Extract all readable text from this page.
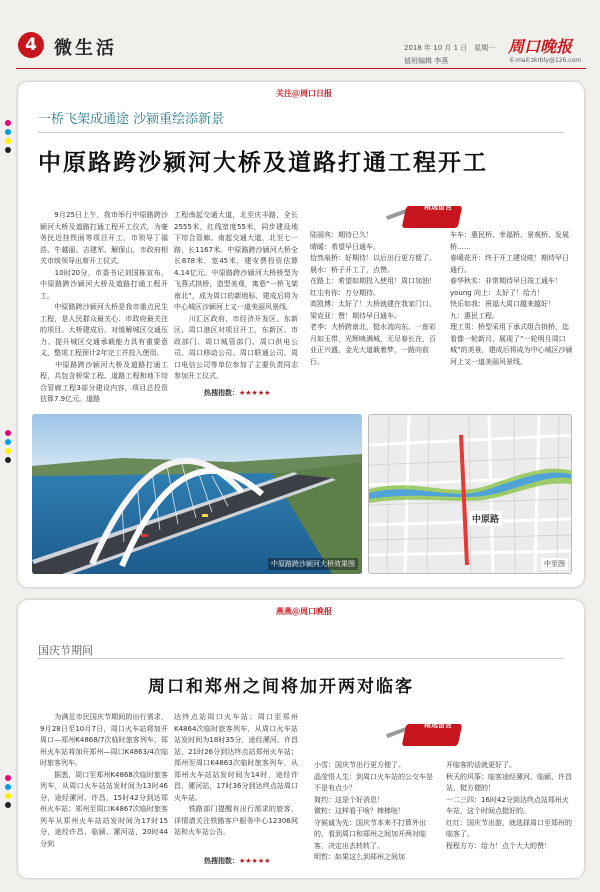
4 微生活	2018 年 10 月 1 日　星期一
值班编辑 李燕
周口晚报
E-mail:zkrbly@126.com
关注＠周口日报
一桥飞架成通途 沙颍重绘添新景
中原路跨沙颍河大桥及道路打通工程开工
精选留言
　　9月25日上午，我市举行中原路跨沙颍河大桥及道路打通工程开工仪式，为豪务民近挂铁面等项目开工，市领导丁福浩、牛越丽、吉建军、解保山，市政府相关市级领导出席开工仪式。
　　10时20分，市委书记刘国栋宣布，中原路跨沙颍河大桥及道路打通工程开工。
　　中原路跨沙颍河大桥是我市重点民生工程，是人民群众最关心、市政府最关注的项目。大桥建成后，对缓解城区交通压力、提升城区交通承载能力具有重要意义，整项工程预计2年完工并投入使用。
　　中原路跨沙颍河大桥及道路打通工程，共包含桥梁工程、道路工程和地下综合管廊工程3部分建设内容，项目总投资估算7.9亿元。道路
工程南起交通大道，北至庆丰路，全长2555米，红线宽度55米，同步建设地下综合管廊。南起交通大道，北至七一路，长1167米。中原路跨沙颍河大桥全长878米，宽45米，建安费投资估算4.14亿元。中原路跨沙颍河大桥桥型为飞燕式拱桥，造型美观，寓意“一桥飞架南北”，成为周口的新地标，建成后将为中心城区沙颍河上又一道美丽风景线。
　　川汇区政府、市经济开发区、东新区、周口港区对项目开工，东新区、市政部门、周口城管部门、周口供电公司、周口移动公司、周口联通公司、周口电信公司等单位参加了主要负责同志参加开工仪式。
热搜指数：★★★★★
陆丽宾：期待已久！
晴暖：希望早日通车。
恰然泉桥：好期待！以后出行更方便了。
晨水：桥子开工了，点赞。
在路上：希望如期投入使用！周口加油！
红尘有你：万分期待。
高凯博：太好了！大桥就建在我家门口。
梁克亚：赞！期待早日通车。
老李：大桥跨南北，挺水流向东。一座彩月如玉带，光辉映满城，无尽春长在，百业正兴盛，金光大道载着梦，一路向前行。
车车：惠民桥、幸福桥、景观桥、发展桥……
春暖花开：终于开工建设啦！期待早日通行。
春华秋实：非常期待早日竣工通车！
young 向上：太好了！给力！
快乐如我：祝福大周口越来越好！
九：惠民工程。
理工男：桥型采用下承式组合拱桥，迄看像一轮新月，展现了“一轮明月周口城”的美景，建成后将成为中心城区沙颍河上又一道美丽风景线。
中原路跨沙颍河大桥效果图
中原路
中至图
燕燕＠周口晚报
国庆节期间
周口和郑州之间将加开两对临客
精选留言
　　为满足市民国庆节期间的出行需求，9月28日至10月7日，周口火车站将加开周口—郑州K4868/7次临时旅客列车，郑州火车站将加开郑州—周口K4863/4次临时旅客列车。
　　据悉，周口至郑州K4868次临时旅客列车，从周口火车站站发时间为13时46分，途经漯河、许昌，15时42分到达郑州火车站；郑州至周口K4867次临时旅客列车从郑州火车站站发时间为17时15分，途经许昌、临颍、漯河站，20时44分到
达终点站周口火车站；周口至郑州K4864次临时旅客列车，从周口火车站站发时间为18时35分，途经漯河、许昌站，21时26分到达终点站郑州火车站；郑州至周口K4863次临时旅客列车，从郑州火车站站发时间为14时，途经许昌、漯河站，17时36分到达终点站周口火车站。
　　铁路部门提醒有出行需求的旅客，详情请关注铁路客户服务中心12306网站和火车站公告。
热搜指数：★★★★★
小雪：国庆节出行更方便了。
晶莹悟人生：到周口火车站的公交车是不是有点少？
简约：这是个好消息！
微粒：这样看干啥？棒棒哒！
守候诚为先：国庆节本来不打算外出的，看到周口和郑州之间加开两对临客，决定出去转转了。
明哲：如果这么到郑州之间加
开临客的话就更好了。
秋天的风筝：临客途经漯河、临颍、许昌站，挺方便的！
一二三四：16时42分到达终点站郑州火车站，这个时间点挺好的。
红红：国庆节出游，就选择周口至郑州的临客了。
程程方方：给力！点个大大的赞！
